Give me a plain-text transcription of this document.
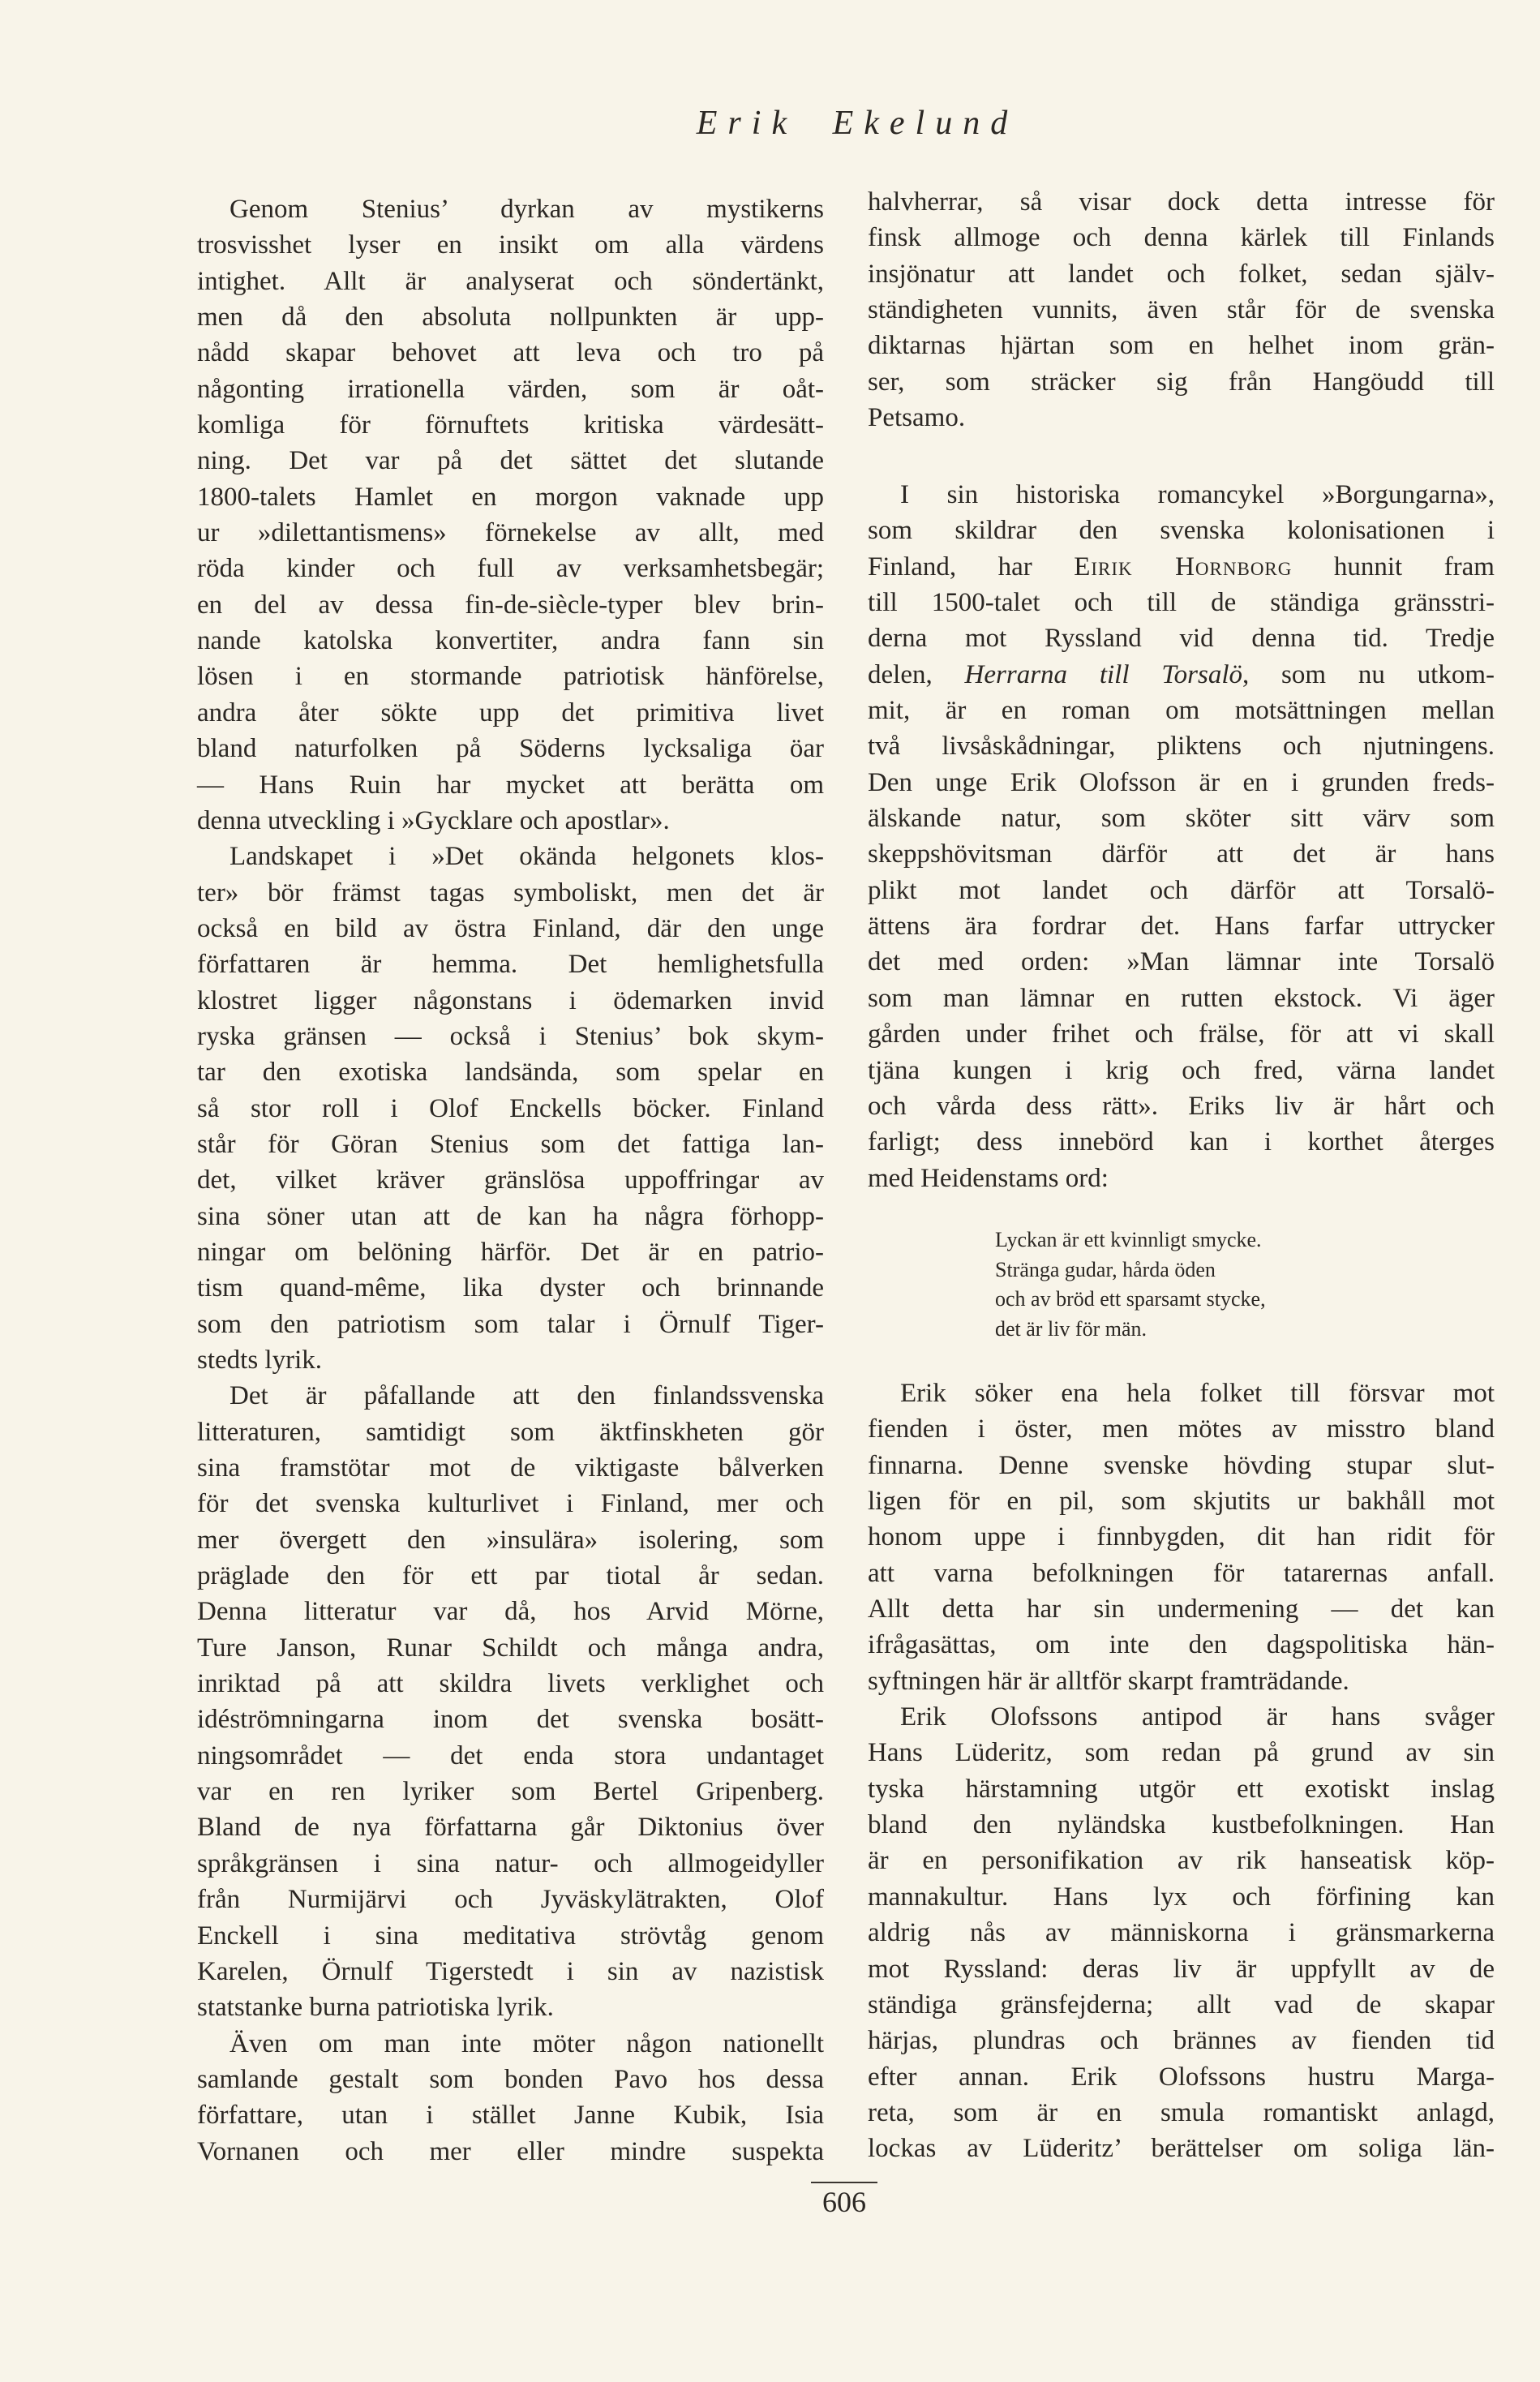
Erik Ekelund
Genom Stenius’ dyrkan av mystikerns
trosvisshet lyser en insikt om alla värdens
intighet. Allt är analyserat och söndertänkt,
men då den absoluta nollpunkten är upp-
nådd skapar behovet att leva och tro på
någonting irrationella värden, som är oåt-
komliga för förnuftets kritiska värdesätt-
ning. Det var på det sättet det slutande
1800-talets Hamlet en morgon vaknade upp
ur »dilettantismens» förnekelse av allt, med
röda kinder och full av verksamhetsbegär;
en del av dessa fin-de-siècle-typer blev brin-
nande katolska konvertiter, andra fann sin
lösen i en stormande patriotisk hänförelse,
andra åter sökte upp det primitiva livet
bland naturfolken på Söderns lycksaliga öar
— Hans Ruin har mycket att berätta om
denna utveckling i »Gycklare och apostlar».
Landskapet i »Det okända helgonets klos-
ter» bör främst tagas symboliskt, men det är
också en bild av östra Finland, där den unge
författaren är hemma. Det hemlighetsfulla
klostret ligger någonstans i ödemarken invid
ryska gränsen — också i Stenius’ bok skym-
tar den exotiska landsända, som spelar en
så stor roll i Olof Enckells böcker. Finland
står för Göran Stenius som det fattiga lan-
det, vilket kräver gränslösa uppoffringar av
sina söner utan att de kan ha några förhopp-
ningar om belöning härför. Det är en patrio-
tism quand-même, lika dyster och brinnande
som den patriotism som talar i Örnulf Tiger-
stedts lyrik.
Det är påfallande att den finlandssvenska
litteraturen, samtidigt som äktfinskheten gör
sina framstötar mot de viktigaste bålverken
för det svenska kulturlivet i Finland, mer och
mer övergett den »insulära» isolering, som
präglade den för ett par tiotal år sedan.
Denna litteratur var då, hos Arvid Mörne,
Ture Janson, Runar Schildt och många andra,
inriktad på att skildra livets verklighet och
idéströmningarna inom det svenska bosätt-
ningsområdet — det enda stora undantaget
var en ren lyriker som Bertel Gripenberg.
Bland de nya författarna går Diktonius över
språkgränsen i sina natur- och allmogeidyller
från Nurmijärvi och Jyväskylätrakten, Olof
Enckell i sina meditativa strövtåg genom
Karelen, Örnulf Tigerstedt i sin av nazistisk
statstanke burna patriotiska lyrik.
Även om man inte möter någon nationellt
samlande gestalt som bonden Pavo hos dessa
författare, utan i stället Janne Kubik, Isia
Vornanen och mer eller mindre suspekta
halvherrar, så visar dock detta intresse för
finsk allmoge och denna kärlek till Finlands
insjönatur att landet och folket, sedan själv-
ständigheten vunnits, även står för de svenska
diktarnas hjärtan som en helhet inom grän-
ser, som sträcker sig från Hangöudd till
Petsamo.
I sin historiska romancykel »Borgungarna»,
som skildrar den svenska kolonisationen i
Finland, har Eirik Hornborg hunnit fram
till 1500-talet och till de ständiga gränsstri-
derna mot Ryssland vid denna tid. Tredje
delen, Herrarna till Torsalö, som nu utkom-
mit, är en roman om motsättningen mellan
två livsåskådningar, pliktens och njutningens.
Den unge Erik Olofsson är en i grunden freds-
älskande natur, som sköter sitt värv som
skeppshövitsman därför att det är hans
plikt mot landet och därför att Torsalö-
ättens ära fordrar det. Hans farfar uttrycker
det med orden: »Man lämnar inte Torsalö
som man lämnar en rutten ekstock. Vi äger
gården under frihet och frälse, för att vi skall
tjäna kungen i krig och fred, värna landet
och vårda dess rätt». Eriks liv är hårt och
farligt; dess innebörd kan i korthet återges
med Heidenstams ord:
Erik söker ena hela folket till försvar mot
fienden i öster, men mötes av misstro bland
finnarna. Denne svenske hövding stupar slut-
ligen för en pil, som skjutits ur bakhåll mot
honom uppe i finnbygden, dit han ridit för
att varna befolkningen för tatarernas anfall.
Allt detta har sin undermening — det kan
ifrågasättas, om inte den dagspolitiska hän-
syftningen här är alltför skarpt framträdande.
Erik Olofssons antipod är hans svåger
Hans Lüderitz, som redan på grund av sin
tyska härstamning utgör ett exotiskt inslag
bland den nyländska kustbefolkningen. Han
är en personifikation av rik hanseatisk köp-
mannakultur. Hans lyx och förfining kan
aldrig nås av människorna i gränsmarkerna
mot Ryssland: deras liv är uppfyllt av de
ständiga gränsfejderna; allt vad de skapar
härjas, plundras och brännes av fienden tid
efter annan. Erik Olofssons hustru Marga-
reta, som är en smula romantiskt anlagd,
lockas av Lüderitz’ berättelser om soliga län-
Lyckan är ett kvinnligt smycke.
Stränga gudar, hårda öden
och av bröd ett sparsamt stycke,
det är liv för män.
606
